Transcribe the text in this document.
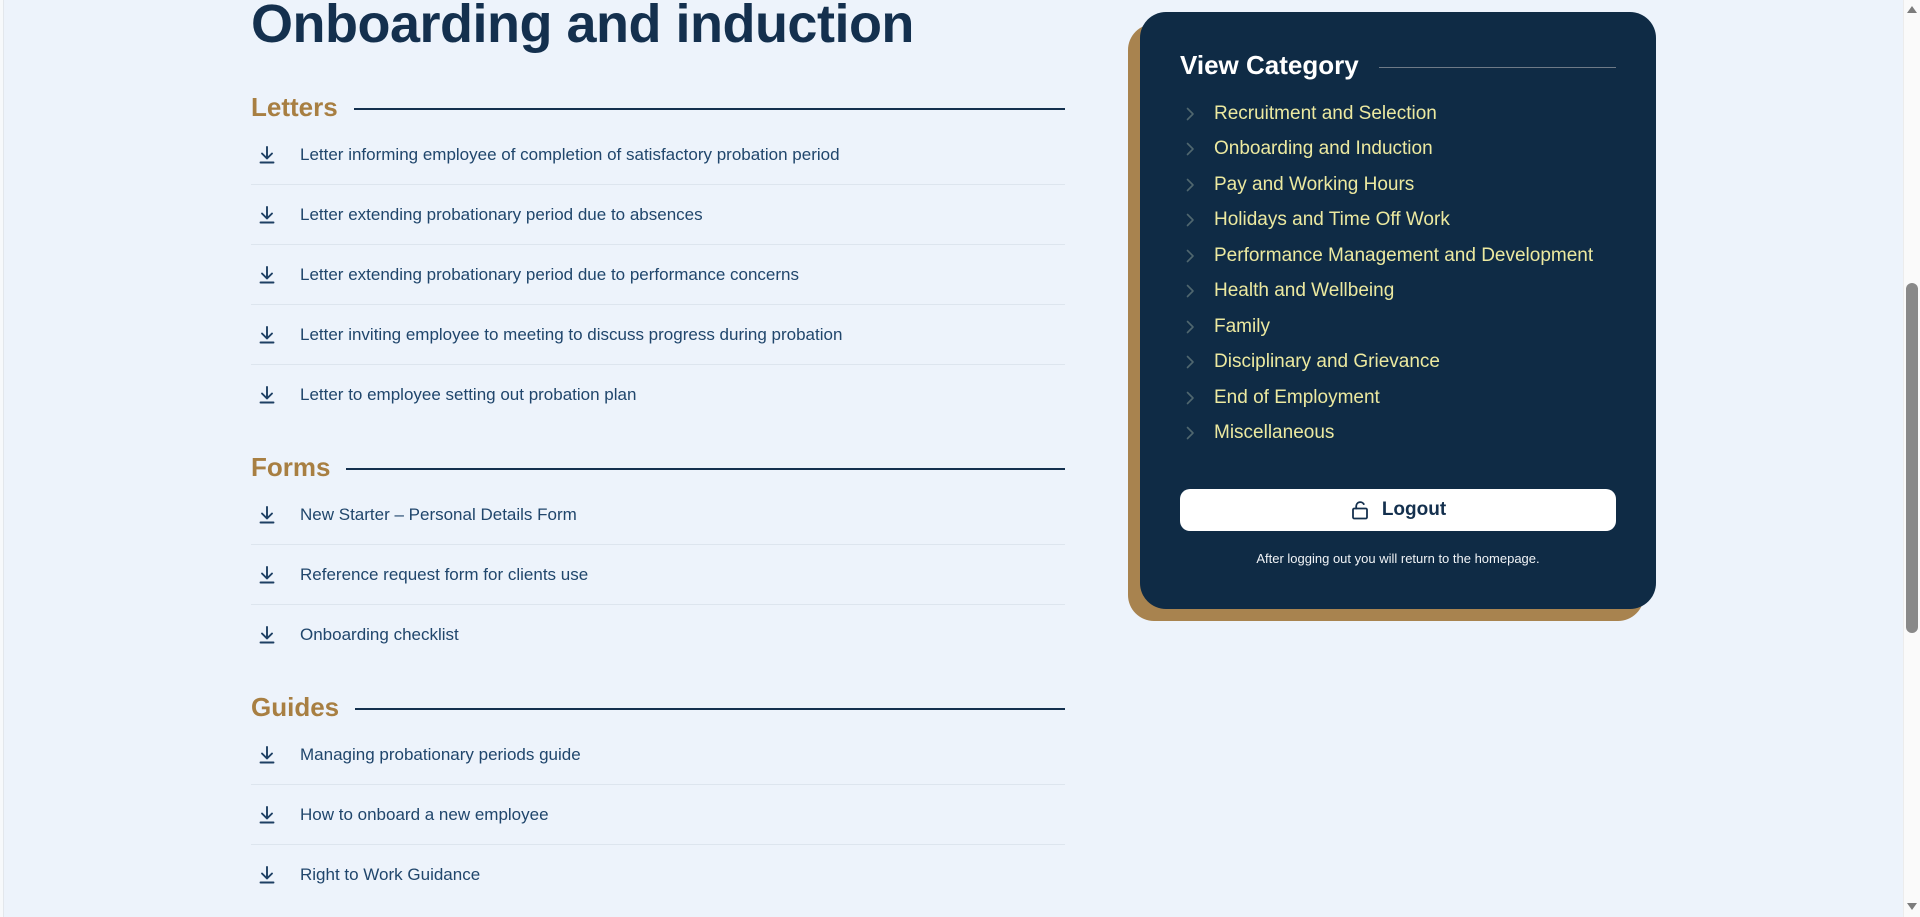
Onboarding and induction
Letters
Letter informing employee of completion of satisfactory probation period
Letter extending probationary period due to absences
Letter extending probationary period due to performance concerns
Letter inviting employee to meeting to discuss progress during probation
Letter to employee setting out probation plan
Forms
New Starter – Personal Details Form
Reference request form for clients use
Onboarding checklist
Guides
Managing probationary periods guide
How to onboard a new employee
Right to Work Guidance
View Category
Recruitment and Selection
Onboarding and Induction
Pay and Working Hours
Holidays and Time Off Work
Performance Management and Development
Health and Wellbeing
Family
Disciplinary and Grievance
End of Employment
Miscellaneous
Logout
After logging out you will return to the homepage.
